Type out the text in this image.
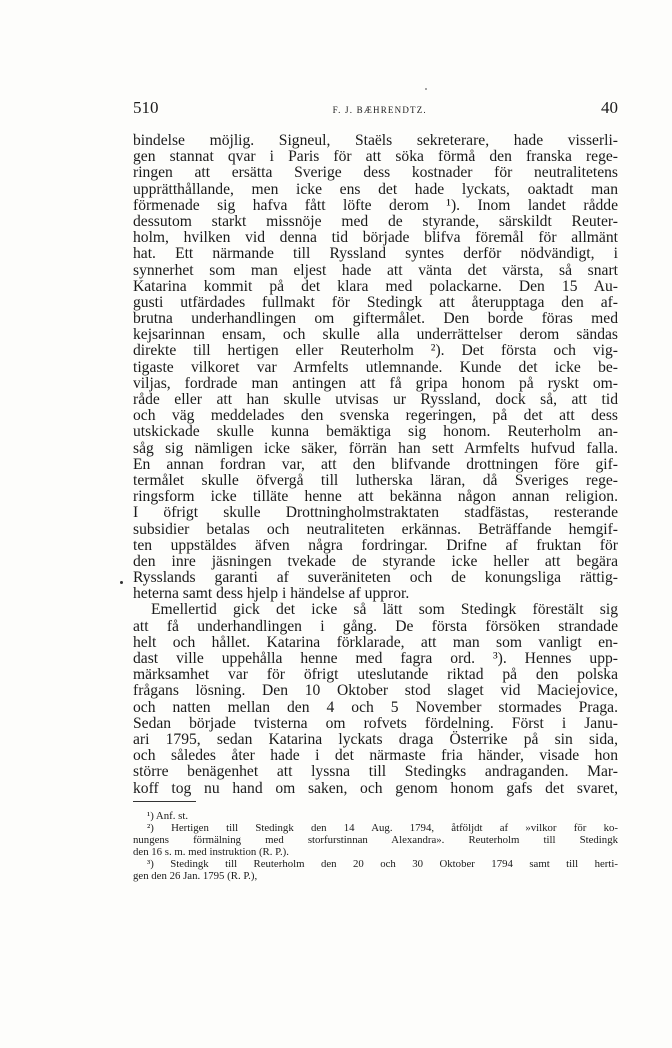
510	F. J. BÆHRENDTZ.	40
bindelse möjlig. Signeul, Staëls sekreterare, hade visserli-
gen stannat qvar i Paris för att söka förmå den franska rege-
ringen att ersätta Sverige dess kostnader för neutralitetens
upprätthållande, men icke ens det hade lyckats, oaktadt man
förmenade sig hafva fått löfte derom ¹). Inom landet rådde
dessutom starkt missnöje med de styrande, särskildt Reuter-
holm, hvilken vid denna tid började blifva föremål för allmänt
hat. Ett närmande till Ryssland syntes derför nödvändigt, i
synnerhet som man eljest hade att vänta det värsta, så snart
Katarina kommit på det klara med polackarne. Den 15 Au-
gusti utfärdades fullmakt för Stedingk att återupptaga den af-
brutna underhandlingen om giftermålet. Den borde föras med
kejsarinnan ensam, och skulle alla underrättelser derom sändas
direkte till hertigen eller Reuterholm ²). Det första och vig-
tigaste vilkoret var Armfelts utlemnande. Kunde det icke be-
viljas, fordrade man antingen att få gripa honom på ryskt om-
råde eller att han skulle utvisas ur Ryssland, dock så, att tid
och väg meddelades den svenska regeringen, på det att dess
utskickade skulle kunna bemäktiga sig honom. Reuterholm an-
såg sig nämligen icke säker, förrän han sett Armfelts hufvud falla.
En annan fordran var, att den blifvande drottningen före gif-
termålet skulle öfvergå till lutherska läran, då Sveriges rege-
ringsform icke tilläte henne att bekänna någon annan religion.
I öfrigt skulle Drottningholmstraktaten stadfästas, resterande
subsidier betalas och neutraliteten erkännas. Beträffande hemgif-
ten uppstäldes äfven några fordringar. Drifne af fruktan för
den inre jäsningen tvekade de styrande icke heller att begära
Rysslands garanti af suveräniteten och de konungsliga rättig-
heterna samt dess hjelp i händelse af uppror.
Emellertid gick det icke så lätt som Stedingk förestält sig
att få underhandlingen i gång. De första försöken strandade
helt och hållet. Katarina förklarade, att man som vanligt en-
dast ville uppehålla henne med fagra ord. ³). Hennes upp-
märksamhet var för öfrigt uteslutande riktad på den polska
frågans lösning. Den 10 Oktober stod slaget vid Maciejovice,
och natten mellan den 4 och 5 November stormades Praga.
Sedan började tvisterna om rofvets fördelning. Först i Janu-
ari 1795, sedan Katarina lyckats draga Österrike på sin sida,
och således åter hade i det närmaste fria händer, visade hon
större benägenhet att lyssna till Stedingks andraganden. Mar-
koff tog nu hand om saken, och genom honom gafs det svaret,
¹) Anf. st.
²) Hertigen till Stedingk den 14 Aug. 1794, åtföljdt af »vilkor för ko-
nungens förmälning med storfurstinnan Alexandra». Reuterholm till Stedingk
den 16 s. m. med instruktion (R. P.).
³) Stedingk till Reuterholm den 20 och 30 Oktober 1794 samt till herti-
gen den 26 Jan. 1795 (R. P.),
